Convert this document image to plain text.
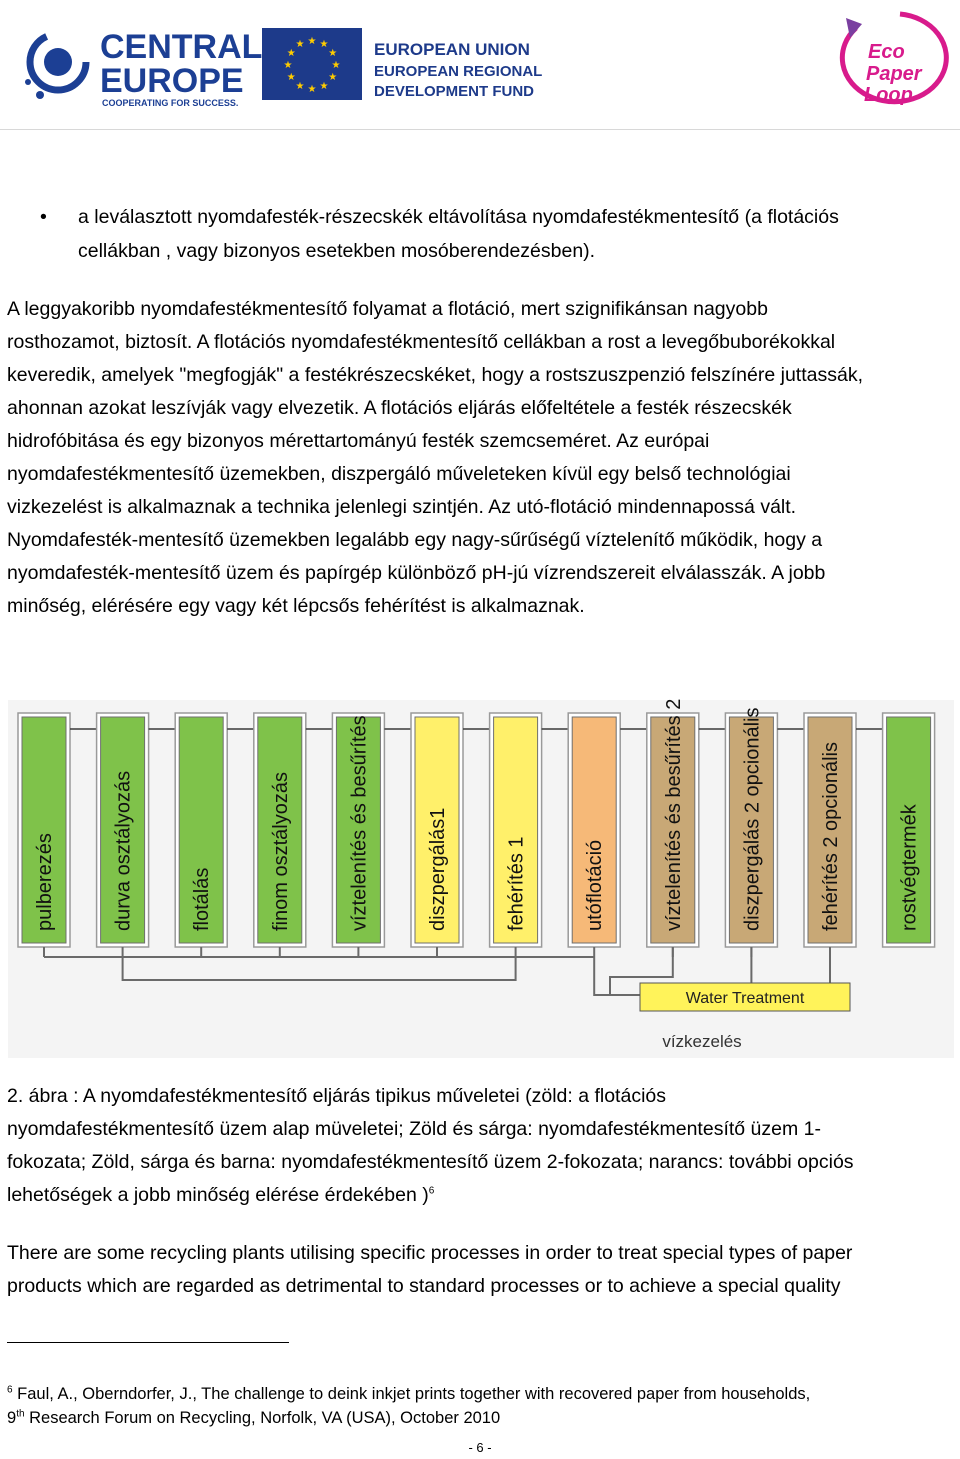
CENTRAL
EUROPE
COOPERATING FOR SUCCESS.
★
★
★
★
★
★
★
★
★ ★ ★
★ EUROPEAN UNION
EUROPEAN REGIONAL
DEVELOPMENT FUND
Eco
Paper
Loop
• a leválasztott nyomdafesték-részecskék eltávolítása nyomdafestékmentesítő (a flotációs
cellákban , vagy bizonyos esetekben mosóberendezésben).
A leggyakoribb nyomdafestékmentesítő folyamat a flotáció, mert szignifikánsan nagyobb
rosthozamot, biztosít. A flotációs nyomdafestékmentesítő cellákban a rost a levegőbuborékokkal
keveredik, amelyek "megfogják" a festékrészecskéket, hogy a rostszuszpenzió felszínére juttassák,
ahonnan azokat leszívják vagy elvezetik. A flotációs eljárás előfeltétele a festék részecskék
hidrofóbitása és egy bizonyos mérettartományú festék szemcseméret. Az európai
nyomdafestékmentesítő üzemekben, diszpergáló műveleteken kívül egy belső technológiai
vizkezelést is alkalmaznak a technika jelenlegi szintjén. Az utó-flotáció mindennapossá vált.
Nyomdafesték-mentesítő üzemekben legalább egy nagy-sűrűségű víztelenítő működik, hogy a
nyomdafesték-mentesítő üzem és papírgép különböző pH-jú vízrendszereit elválasszák. A jobb
minőség, elérésére egy vagy két lépcsős fehérítést is alkalmaznak.
pulberezés	durva osztályozás	flotálás	finom osztályozás	víztelenítés és besűrítés	diszpergálás1	fehérítés 1	utóflotáció	víztelenítés és besűrítés 2	diszpergálás 2 opcionális	fehérítés 2 opcionális	rostvégtermék
Water Treatment
vízkezelés
2. ábra : A nyomdafestékmentesítő eljárás tipikus műveletei (zöld: a flotációs
nyomdafestékmentesítő üzem alap müveletei; Zöld és sárga: nyomdafestékmentesítő üzem 1-
fokozata; Zöld, sárga és barna: nyomdafestékmentesítő üzem 2-fokozata; narancs: további opciós
lehetőségek a jobb minőség elérése érdekében )$^6$
There are some recycling plants utilising specific processes in order to treat special types of paper
products which are regarded as detrimental to standard processes or to achieve a special quality
$^6$ Faul, A., Oberndorfer, J., The challenge to deink inkjet prints together with recovered paper from households,
9th Research Forum on Recycling, Norfolk, VA (USA), October 2010
- 6 -
